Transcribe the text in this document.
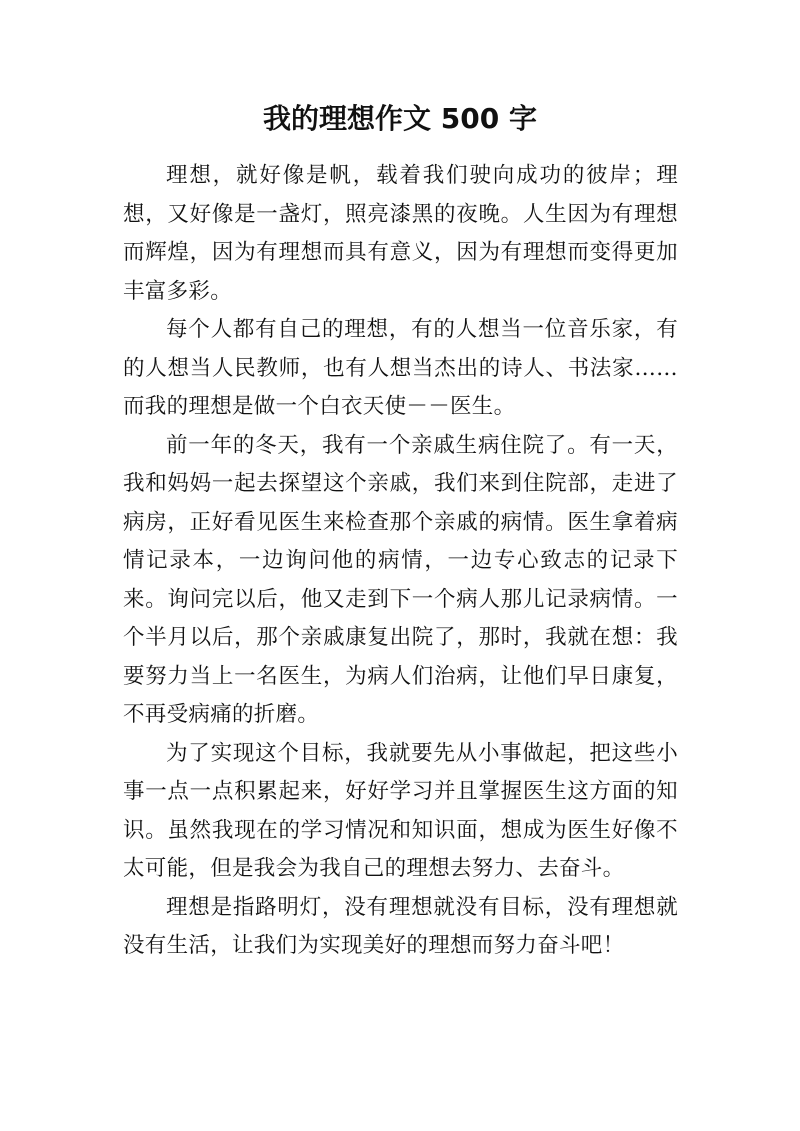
我的理想作文 500 字

理想，就好像是帆，载着我们驶向成功的彼岸；理想，又好像是一盏灯，照亮漆黑的夜晚。人生因为有理想而辉煌，因为有理想而具有意义，因为有理想而变得更加丰富多彩。

每个人都有自己的理想，有的人想当一位音乐家，有的人想当人民教师，也有人想当杰出的诗人、书法家……而我的理想是做一个白衣天使－－医生。

前一年的冬天，我有一个亲戚生病住院了。有一天，我和妈妈一起去探望这个亲戚，我们来到住院部，走进了病房，正好看见医生来检查那个亲戚的病情。医生拿着病情记录本，一边询问他的病情，一边专心致志的记录下来。询问完以后，他又走到下一个病人那儿记录病情。一个半月以后，那个亲戚康复出院了，那时，我就在想：我要努力当上一名医生，为病人们治病，让他们早日康复，不再受病痛的折磨。

为了实现这个目标，我就要先从小事做起，把这些小事一点一点积累起来，好好学习并且掌握医生这方面的知识。虽然我现在的学习情况和知识面，想成为医生好像不太可能，但是我会为我自己的理想去努力、去奋斗。

理想是指路明灯，没有理想就没有目标，没有理想就没有生活，让我们为实现美好的理想而努力奋斗吧！
